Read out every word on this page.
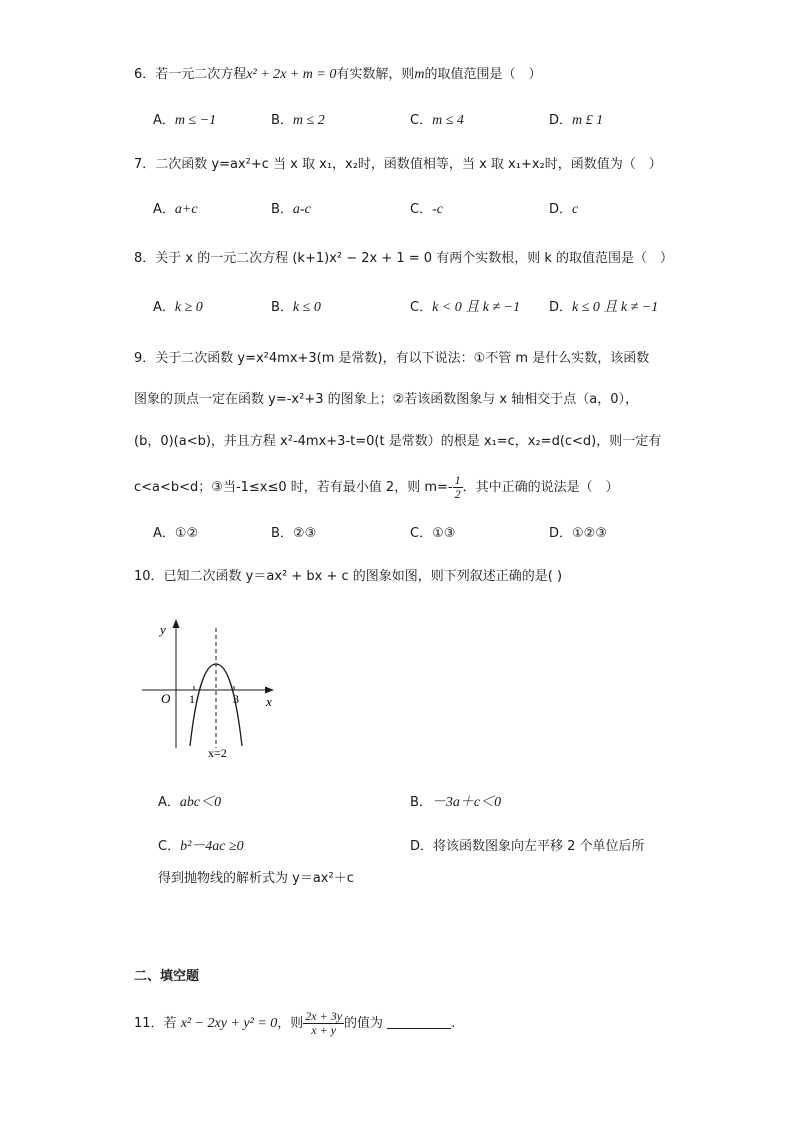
6．若一元二次方程x² + 2x + m = 0有实数解，则m的取值范围是（　）
A．m ≤ −1	B．m ≤ 2	C．m ≤ 4	D．m £ 1
7．二次函数 y=ax²+c 当 x 取 x₁，x₂时，函数值相等，当 x 取 x₁+x₂时，函数值为（　）
A．a+c	B．a-c	C．-c	D．c
8．关于 x 的一元二次方程 (k+1)x² − 2x + 1 = 0 有两个实数根，则 k 的取值范围是（　）
A．k ≥ 0	B．k ≤ 0	C．k < 0 且 k ≠ −1 D．k ≤ 0 且 k ≠ −1
9．关于二次函数 y=x²4mx+3(m 是常数)，有以下说法：①不管 m 是什么实数，该函数
图象的顶点一定在函数 y=-x²+3 的图象上；②若该函数图象与 x 轴相交于点（a，0），
(b，0)(a<b)，并且方程 x²-4mx+3-t=0(t 是常数）的根是 x₁=c，x₂=d(c<d)，则一定有
c<a<b<d；③当-1≤x≤0 时，若有最小值 2，则 $m=- \frac{1}{2}$ ．其中正确的说法是（　）
A．①②	B．②③	C．①③	D．①②③
10．已知二次函数 y＝ax² + bx + c 的图象如图，则下列叙述正确的是( )
y
x
O 1	3
x=2
A．abc＜0	B．－3a＋c＜0
C．b²－4ac ≥0	D．将该函数图象向左平移 2 个单位后所
得到抛物线的解析式为 y＝ax²＋c
二、填空题
11．若 x² − 2xy + y² = 0，则 $\frac{2x + 3y}{x + y}$ 的值为	.
